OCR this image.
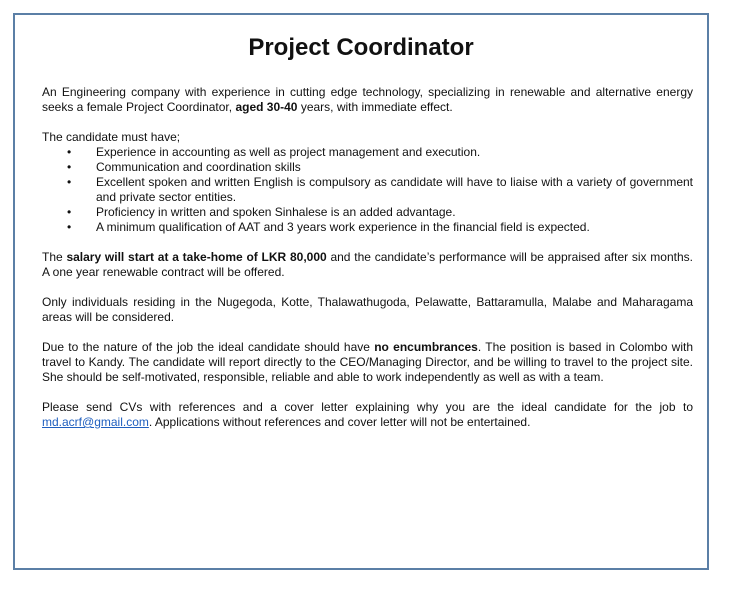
Project Coordinator

An Engineering company with experience in cutting edge technology, specializing in renewable and alternative energy seeks a female Project Coordinator, aged 30-40 years, with immediate effect.

The candidate must have;

• Experience in accounting as well as project management and execution.
• Communication and coordination skills
• Excellent spoken and written English is compulsory as candidate will have to liaise with a variety of government and private sector entities.
• Proficiency in written and spoken Sinhalese is an added advantage.
• A minimum qualification of AAT and 3 years work experience in the financial field is expected.

The salary will start at a take-home of LKR 80,000 and the candidate’s performance will be appraised after six months. A one year renewable contract will be offered.

Only individuals residing in the Nugegoda, Kotte, Thalawathugoda, Pelawatte, Battaramulla, Malabe and Maharagama areas will be considered.

Due to the nature of the job the ideal candidate should have no encumbrances. The position is based in Colombo with travel to Kandy. The candidate will report directly to the CEO/Managing Director, and be willing to travel to the project site. She should be self-motivated, responsible, reliable and able to work independently as well as with a team.

Please send CVs with references and a cover letter explaining why you are the ideal candidate for the job to md.acrf@gmail.com. Applications without references and cover letter will not be entertained.
